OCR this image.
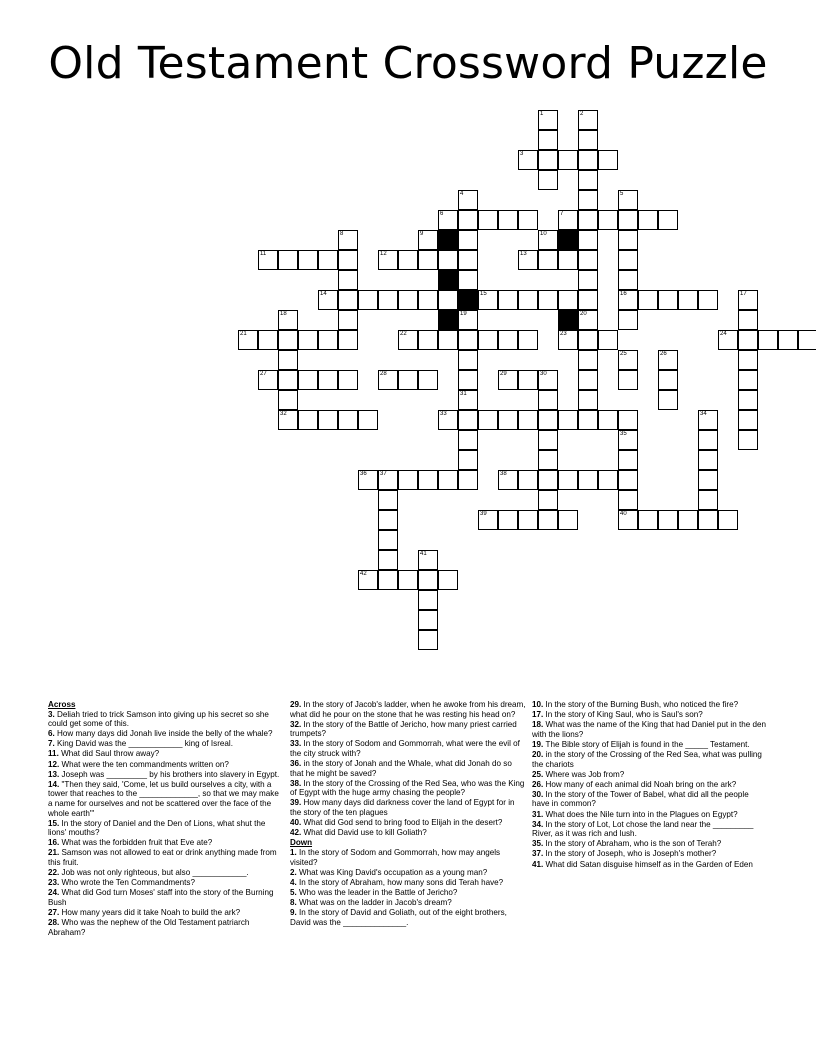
Old Testament Crossword Puzzle
3
6	7
11	12	13
14	15	16
21	22	23	24
27	28	29	30
32	33
36 37	38
39	40
42
1	2
20
4
19
5
8	9	10
17
18
25	26
31
34
35
41
Across
3. Deliah tried to trick Samson into giving up his secret so she could get some of this.
6. How many days did Jonah live inside the belly of the whale?
7. King David was the ____________ king of Isreal.
11. What did Saul throw away?
12. What were the ten commandments written on?
13. Joseph was _________ by his brothers into slavery in Egypt.
14. "Then they said, 'Come, let us build ourselves a city, with a tower that reaches to the _____________, so that we may make a name for ourselves and not be scattered over the face of the whole earth'"
15. In the story of Daniel and the Den of Lions, what shut the lions' mouths?
16. What was the forbidden fruit that Eve ate?
21. Samson was not allowed to eat or drink anything made from this fruit.
22. Job was not only righteous, but also ____________.
23. Who wrote the Ten Commandments?
24. What did God turn Moses' staff into the story of the Burning Bush
27. How many years did it take Noah to build the ark?
28. Who was the nephew of the Old Testament patriarch Abraham?
29. In the story of Jacob's ladder, when he awoke from his dream, what did he pour on the stone that he was resting his head on?
32. In the story of the Battle of Jericho, how many priest carried trumpets?
33. In the story of Sodom and Gommorrah, what were the evil of the city struck with?
36. in the story of Jonah and the Whale, what did Jonah do so that he might be saved?
38. In the story of the Crossing of the Red Sea, who was the King of Egypt with the huge army chasing the people?
39. How many days did darkness cover the land of Egypt for in the story of the ten plagues
40. What did God send to bring food to Elijah in the desert?
42. What did David use to kill Goliath?
Down
1. In the story of Sodom and Gommorrah, how may angels visited?
2. What was King David's occupation as a young man?
4. In the story of Abraham, how many sons did Terah have?
5. Who was the leader in the Battle of Jericho?
8. What was on the ladder in Jacob's dream?
9. In the story of David and Goliath, out of the eight brothers, David was the ______________.
10. In the story of the Burning Bush, who noticed the fire?
17. In the story of King Saul, who is Saul's son?
18. What was the name of the King that had Daniel put in the den with the lions?
19. The Bible story of Elijah is found in the _____ Testament.
20. in the story of the Crossing of the Red Sea, what was pulling the chariots
25. Where was Job from?
26. How many of each animal did Noah bring on the ark?
30. In the story of the Tower of Babel, what did all the people have in common?
31. What does the Nile turn into in the Plagues on Egypt?
34. In the story of Lot, Lot chose the land near the _________ River, as it was rich and lush.
35. In the story of Abraham, who is the son of Terah?
37. In the story of Joseph, who is Joseph's mother?
41. What did Satan disguise himself as in the Garden of Eden
